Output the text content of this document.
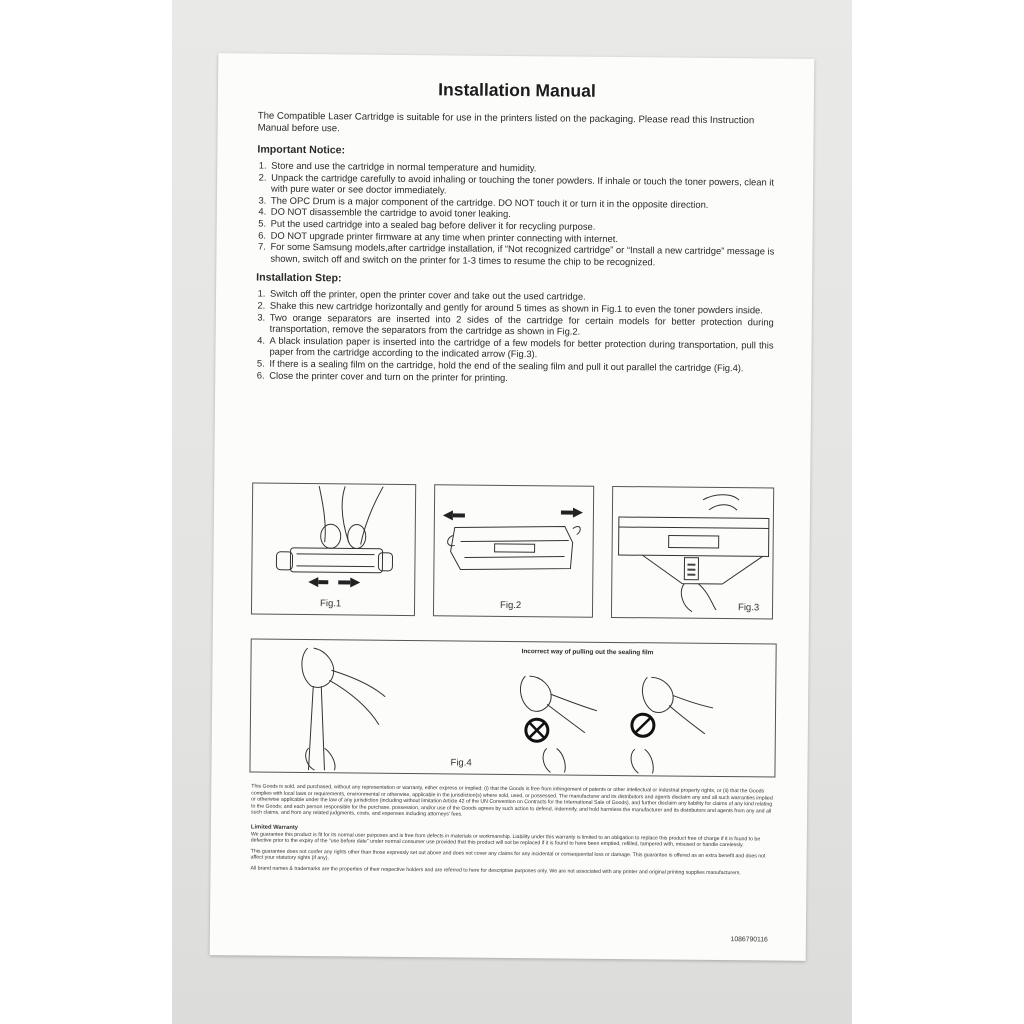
Installation Manual

The Compatible Laser Cartridge is suitable for use in the printers listed on the packaging. Please read this Instruction Manual before use.

Important Notice:
1. Store and use the cartridge in normal temperature and humidity.
2. Unpack the cartridge carefully to avoid inhaling or touching the toner powders. If inhale or touch the toner powers, clean it with pure water or see doctor immediately.
3. The OPC Drum is a major component of the cartridge. DO NOT touch it or turn it in the opposite direction.
4. DO NOT disassemble the cartridge to avoid toner leaking.
5. Put the used cartridge into a sealed bag before deliver it for recycling purpose.
6. DO NOT upgrade printer firmware at any time when printer connecting with internet.
7. For some Samsung models,after cartridge installation, if “Not recognized cartridge” or “Install a new cartridge” message is shown, switch off and switch on the printer for 1-3 times to resume the chip to be recognized.
Installation Step:
1. Switch off the printer, open the printer cover and take out the used cartridge.
2. Shake this new cartridge horizontally and gently for around 5 times as shown in Fig.1 to even the toner powders inside.
3. Two orange separators are inserted into 2 sides of the cartridge for certain models for better protection during transportation, remove the separators from the cartridge as shown in Fig.2.
4. A black insulation paper is inserted into the cartridge of a few models for better protection during transportation, pull this paper from the cartridge according to the indicated arrow (Fig.3).
5. If there is a sealing film on the cartridge, hold the end of the sealing film and pull it out parallel the cartridge (Fig.4).
6. Close the printer cover and turn on the printer for printing.
Fig.1	Fig.2	Fig.3
Incorrect way of pulling out the sealing film
Fig.4

This Goods is sold, and purchased, without any representation or warranty, either express or implied: (i) that the Goods is free from infringement of patents or other intellectual or industrial property rights, or (ii) that the Goods complies with local laws or requirements, environmental or otherwise, applicable in the jurisdiction(s) where sold, used, or possessed. The manufacturer and its distributors and agents disclaim any and all such warranties implied or otherwise applicable under the law of any jurisdiction (including without limitation Article 42 of the UN Convention on Contracts for the International Sale of Goods), and further disclaim any liability for claims of any kind relating to the Goods; and each person responsible for the purchase, possession, and/or use of the Goods agrees by such action to defend, indemnify, and hold harmless the manufacturer and its distributors and agents from any and all such claims, and from any related judgments, costs, and expenses including attorneys' fees.

Limited Warranty

We guarantee this product is fit for its normal user purposes and is free from defects in materials or workmanship. Liability under this warranty is limited to an obligation to replace this product free of charge if it is found to be defective prior to the expiry of the "use before date" under normal consumer use provided that this product will not be replaced if it is found to have been emptied, refilled, tampered with, misused or handle carelessly.

This guarantee does not confer any rights other than those expressly set out above and does not cover any claims for any incidental or consequential loss or damage. This guarantee is offered as an extra benefit and does not affect your statutory rights (if any).

All brand names & trademarks are the properties of their respective holders and are referred to here for descriptive purposes only. We are not associated with any printer and original printing supplies manufacturers.

1086790116
